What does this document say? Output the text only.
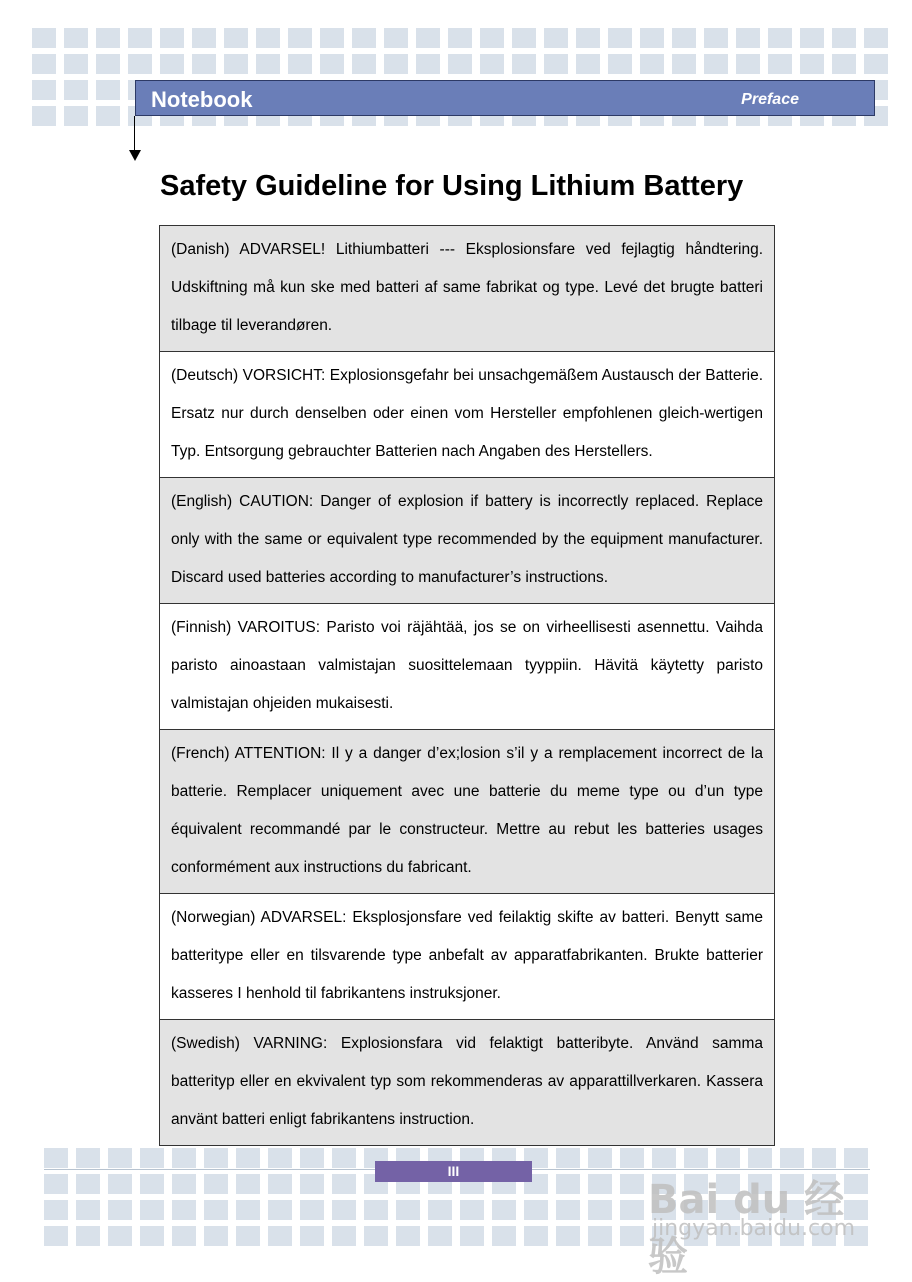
Notebook	Preface
Safety Guideline for Using Lithium Battery
(Danish) ADVARSEL! Lithiumbatteri --- Eksplosionsfare ved fejlagtig håndtering. Udskiftning må kun ske med batteri af same fabrikat og type. Levé det brugte batteri tilbage til leverandøren.
(Deutsch) VORSICHT: Explosionsgefahr bei unsachgemäßem Austausch der Batterie. Ersatz nur durch denselben oder einen vom Hersteller empfohlenen gleich-wertigen Typ. Entsorgung gebrauchter Batterien nach Angaben des Herstellers.
(English) CAUTION: Danger of explosion if battery is incorrectly replaced. Replace only with the same or equivalent type recommended by the equipment manufacturer. Discard used batteries according to manufacturer’s instructions.
(Finnish) VAROITUS: Paristo voi räjähtää, jos se on virheellisesti asennettu. Vaihda paristo ainoastaan valmistajan suosittelemaan tyyppiin. Hävitä käytetty paristo valmistajan ohjeiden mukaisesti.
(French) ATTENTION: Il y a danger d’ex;losion s’il y a remplacement incorrect de la batterie. Remplacer uniquement avec une batterie du meme type ou d’un type équivalent recommandé par le constructeur. Mettre au rebut les batteries usages conformément aux instructions du fabricant.
(Norwegian) ADVARSEL: Eksplosjonsfare ved feilaktig skifte av batteri. Benytt same batteritype eller en tilsvarende type anbefalt av apparatfabrikanten. Brukte batterier kasseres I henhold til fabrikantens instruksjoner.
(Swedish) VARNING: Explosionsfara vid felaktigt batteribyte. Använd samma batterityp eller en ekvivalent typ som rekommenderas av apparattillverkaren. Kassera använt batteri enligt fabrikantens instruction.
III
Bai du 经验
jingyan.baidu.com
